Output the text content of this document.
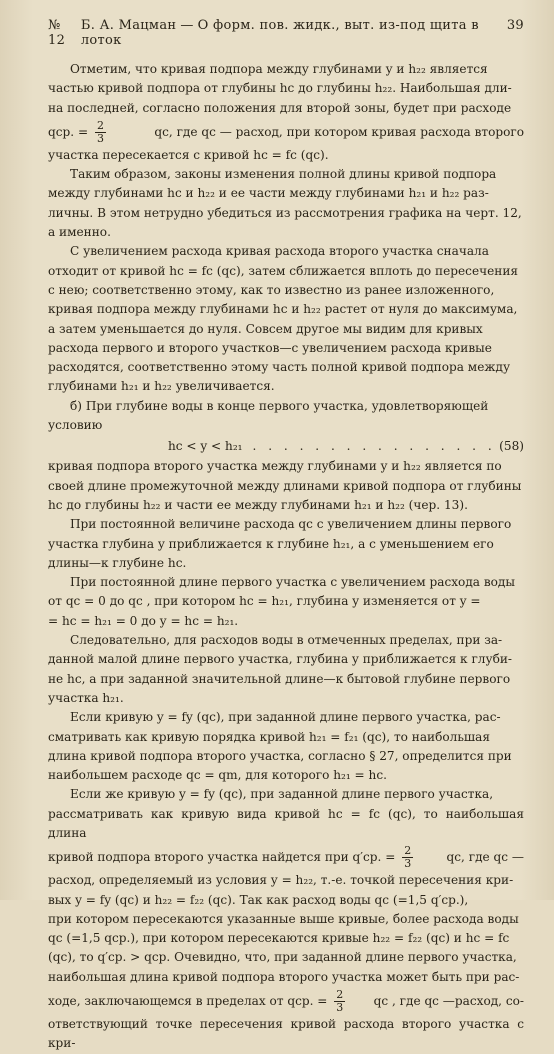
№ 12
Б. А. Мацман — О форм. пов. жидк., выт. из-под щита в лоток
39

Отметим, что кривая подпора между глубинами y и h₂₂ является

частью кривой подпора от глубины hс до глубины h₂₂. Наибольшая дли-

на последней, согласно положения для второй зоны, будет при расходе

qср. = $\frac{2}{3}$	qс, где qс — расход, при котором кривая расхода второго

участка пересекается с кривой hс = fс (qс).

Таким образом, законы изменения полной длины кривой подпора

между глубинами hс и h₂₂ и ее части между глубинами h₂₁ и h₂₂ раз-

личны. В этом нетрудно убедиться из рассмотрения графика на черт. 12,

а именно.

С увеличением расхода кривая расхода второго участка сначала

отходит от кривой hс = fс (qс), затем сближается вплоть до пересечения

с нею; соответственно этому, как то известно из ранее изложенного,

кривая подпора между глубинами hс и h₂₂ растет от нуля до максимума,

а затем уменьшается до нуля. Совсем другое мы видим для кривых

расхода первого и второго участков—с увеличением расхода кривые

расходятся, соответственно этому часть полной кривой подпора между

глубинами h₂₁ и h₂₂ увеличивается.

б) При глубине воды в конце первого участка, удовлетворяющей

условию

hс < y < h₂₁ . . . . . . . . . . . . . . . . (58)

кривая подпора второго участка между глубинами y и h₂₂ является по

своей длине промежуточной между длинами кривой подпора от глубины

hс до глубины h₂₂ и части ее между глубинами h₂₁ и h₂₂ (чер. 13).

При постоянной величине расхода qс с увеличением длины первого

участка глубина y приближается к глубине h₂₁, а с уменьшением его

длины—к глубине hс.

При постоянной длине первого участка с увеличением расхода воды

от qс = 0 до qс , при котором hс = h₂₁, глубина y изменяется от y =

= hс = h₂₁ = 0 до y = hс = h₂₁.

Следовательно, для расходов воды в отмеченных пределах, при за-

данной малой длине первого участка, глубина y приближается к глуби-

не hс, а при заданной значительной длине—к бытовой глубине первого

участка h₂₁.

Если кривую y = fy (qс), при заданной длине первого участка, рас-

сматривать как кривую порядка кривой h₂₁ = f₂₁ (qс), то наибольшая

длина кривой подпора второго участка, согласно § 27, определится при

наибольшем расходе qс = qm, для которого h₂₁ = hс.

Если же кривую y = fy (qс), при заданной длине первого участка,

рассматривать как кривую вида кривой hс = fс (qс), то наибольшая длина

кривой подпора второго участка найдется при q′ср. = $\frac{2}{3}$	qс, где qс —

расход, определяемый из условия y = h₂₂, т.-е. точкой пересечения кри-

вых y = fy (qс) и h₂₂ = f₂₂ (qс). Так как расход воды qс (=1,5 q′ср.),

при котором пересекаются указанные выше кривые, более расхода воды

qс (=1,5 qср.), при котором пересекаются кривые h₂₂ = f₂₂ (qс) и hс = fс

(qс), то q′ср. > qср. Очевидно, что, при заданной длине первого участка,

наибольшая длина кривой подпора второго участка может быть при рас-

ходе, заключающемся в пределах от qср. = $\frac{2}{3}$ qс , где qс —расход, со-

ответствующий точке пересечения кривой расхода второго участка с кри-
